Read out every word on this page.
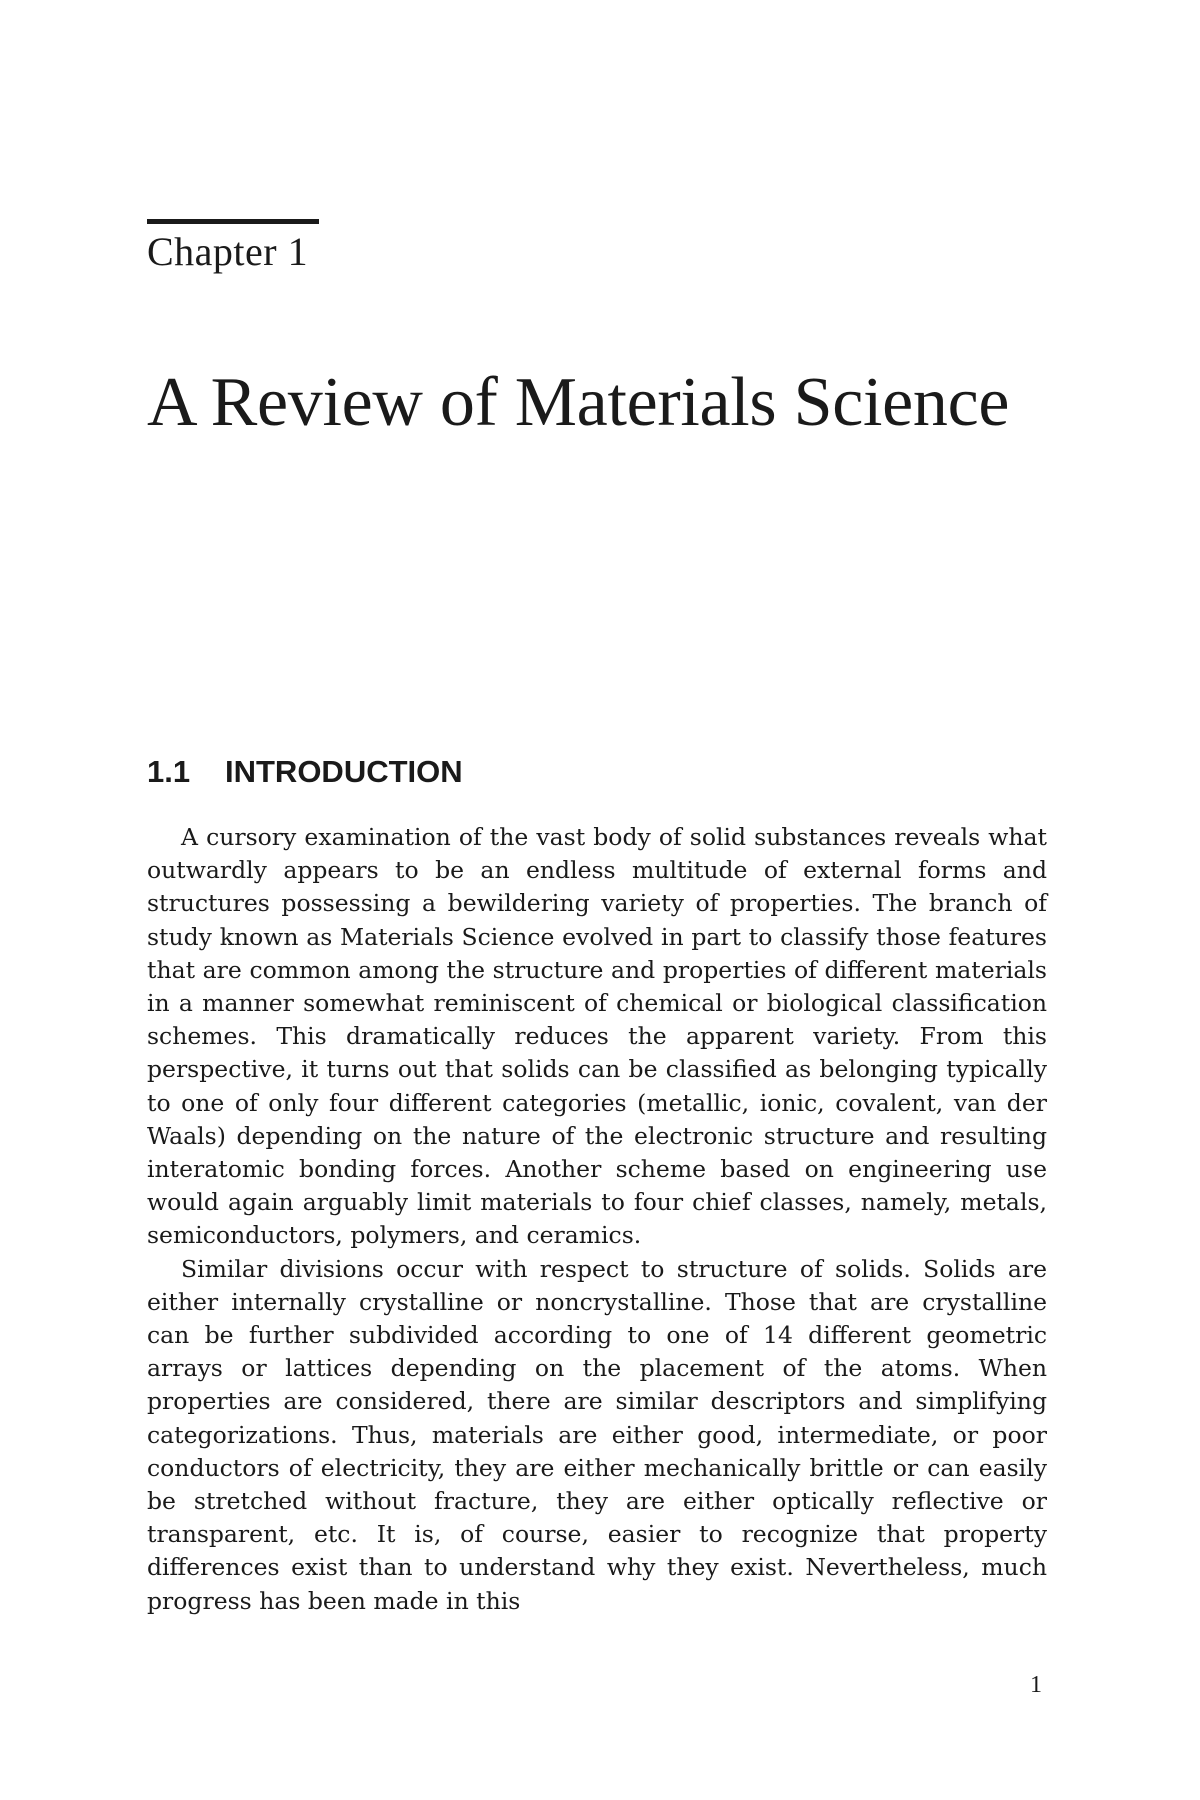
Chapter 1
A Review of Materials Science
1.1 INTRODUCTION

A cursory examination of the vast body of solid substances reveals what outwardly appears to be an endless multitude of external forms and structures possessing a bewildering variety of properties. The branch of study known as Materials Science evolved in part to classify those features that are common among the structure and properties of different materials in a manner somewhat reminiscent of chemical or biological classification schemes. This dramatically reduces the apparent variety. From this perspective, it turns out that solids can be classified as belonging typically to one of only four different categories (metallic, ionic, covalent, van der Waals) depending on the nature of the electronic structure and resulting interatomic bonding forces. Another scheme based on engineering use would again arguably limit materials to four chief classes, namely, metals, semiconductors, polymers, and ceramics.

Similar divisions occur with respect to structure of solids. Solids are either internally crystalline or noncrystalline. Those that are crystalline can be further subdivided according to one of 14 different geometric arrays or lattices depending on the placement of the atoms. When properties are considered, there are similar descriptors and simplifying categorizations. Thus, materials are either good, intermediate, or poor conductors of electricity, they are either mechanically brittle or can easily be stretched without fracture, they are either optically reflective or transparent, etc. It is, of course, easier to recognize that property differences exist than to understand why they exist. Nevertheless, much progress has been made in this

1
